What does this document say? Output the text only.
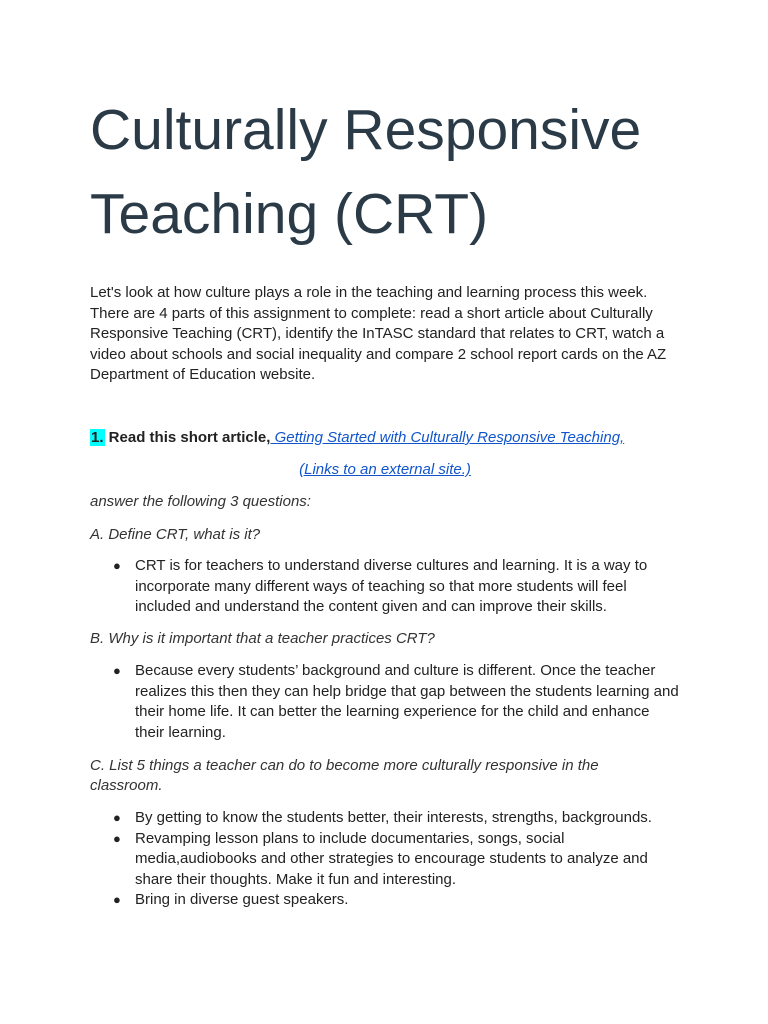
Culturally Responsive
Teaching (CRT)

Let's look at how culture plays a role in the teaching and learning process this week. There are 4 parts of this assignment to complete: read a short article about Culturally Responsive Teaching (CRT), identify the InTASC standard that relates to CRT, watch a video about schools and social inequality and compare 2 school report cards on the AZ Department of Education website.

1. Read this short article, Getting Started with Culturally Responsive Teaching,
(Links to an external site.)

answer the following 3 questions:

A. Define CRT, what is it?

● CRT is for teachers to understand diverse cultures and learning. It is a way to incorporate many different ways of teaching so that more students will feel included and understand the content given and can improve their skills.

B. Why is it important that a teacher practices CRT?

● Because every students’ background and culture is different. Once the teacher realizes this then they can help bridge that gap between the students learning and their home life. It can better the learning experience for the child and enhance their learning.

C. List 5 things a teacher can do to become more culturally responsive in the classroom.

● By getting to know the students better, their interests, strengths, backgrounds.
● Revamping lesson plans to include documentaries, songs, social media,audiobooks and other strategies to encourage students to analyze and share their thoughts. Make it fun and interesting.
● Bring in diverse guest speakers.
